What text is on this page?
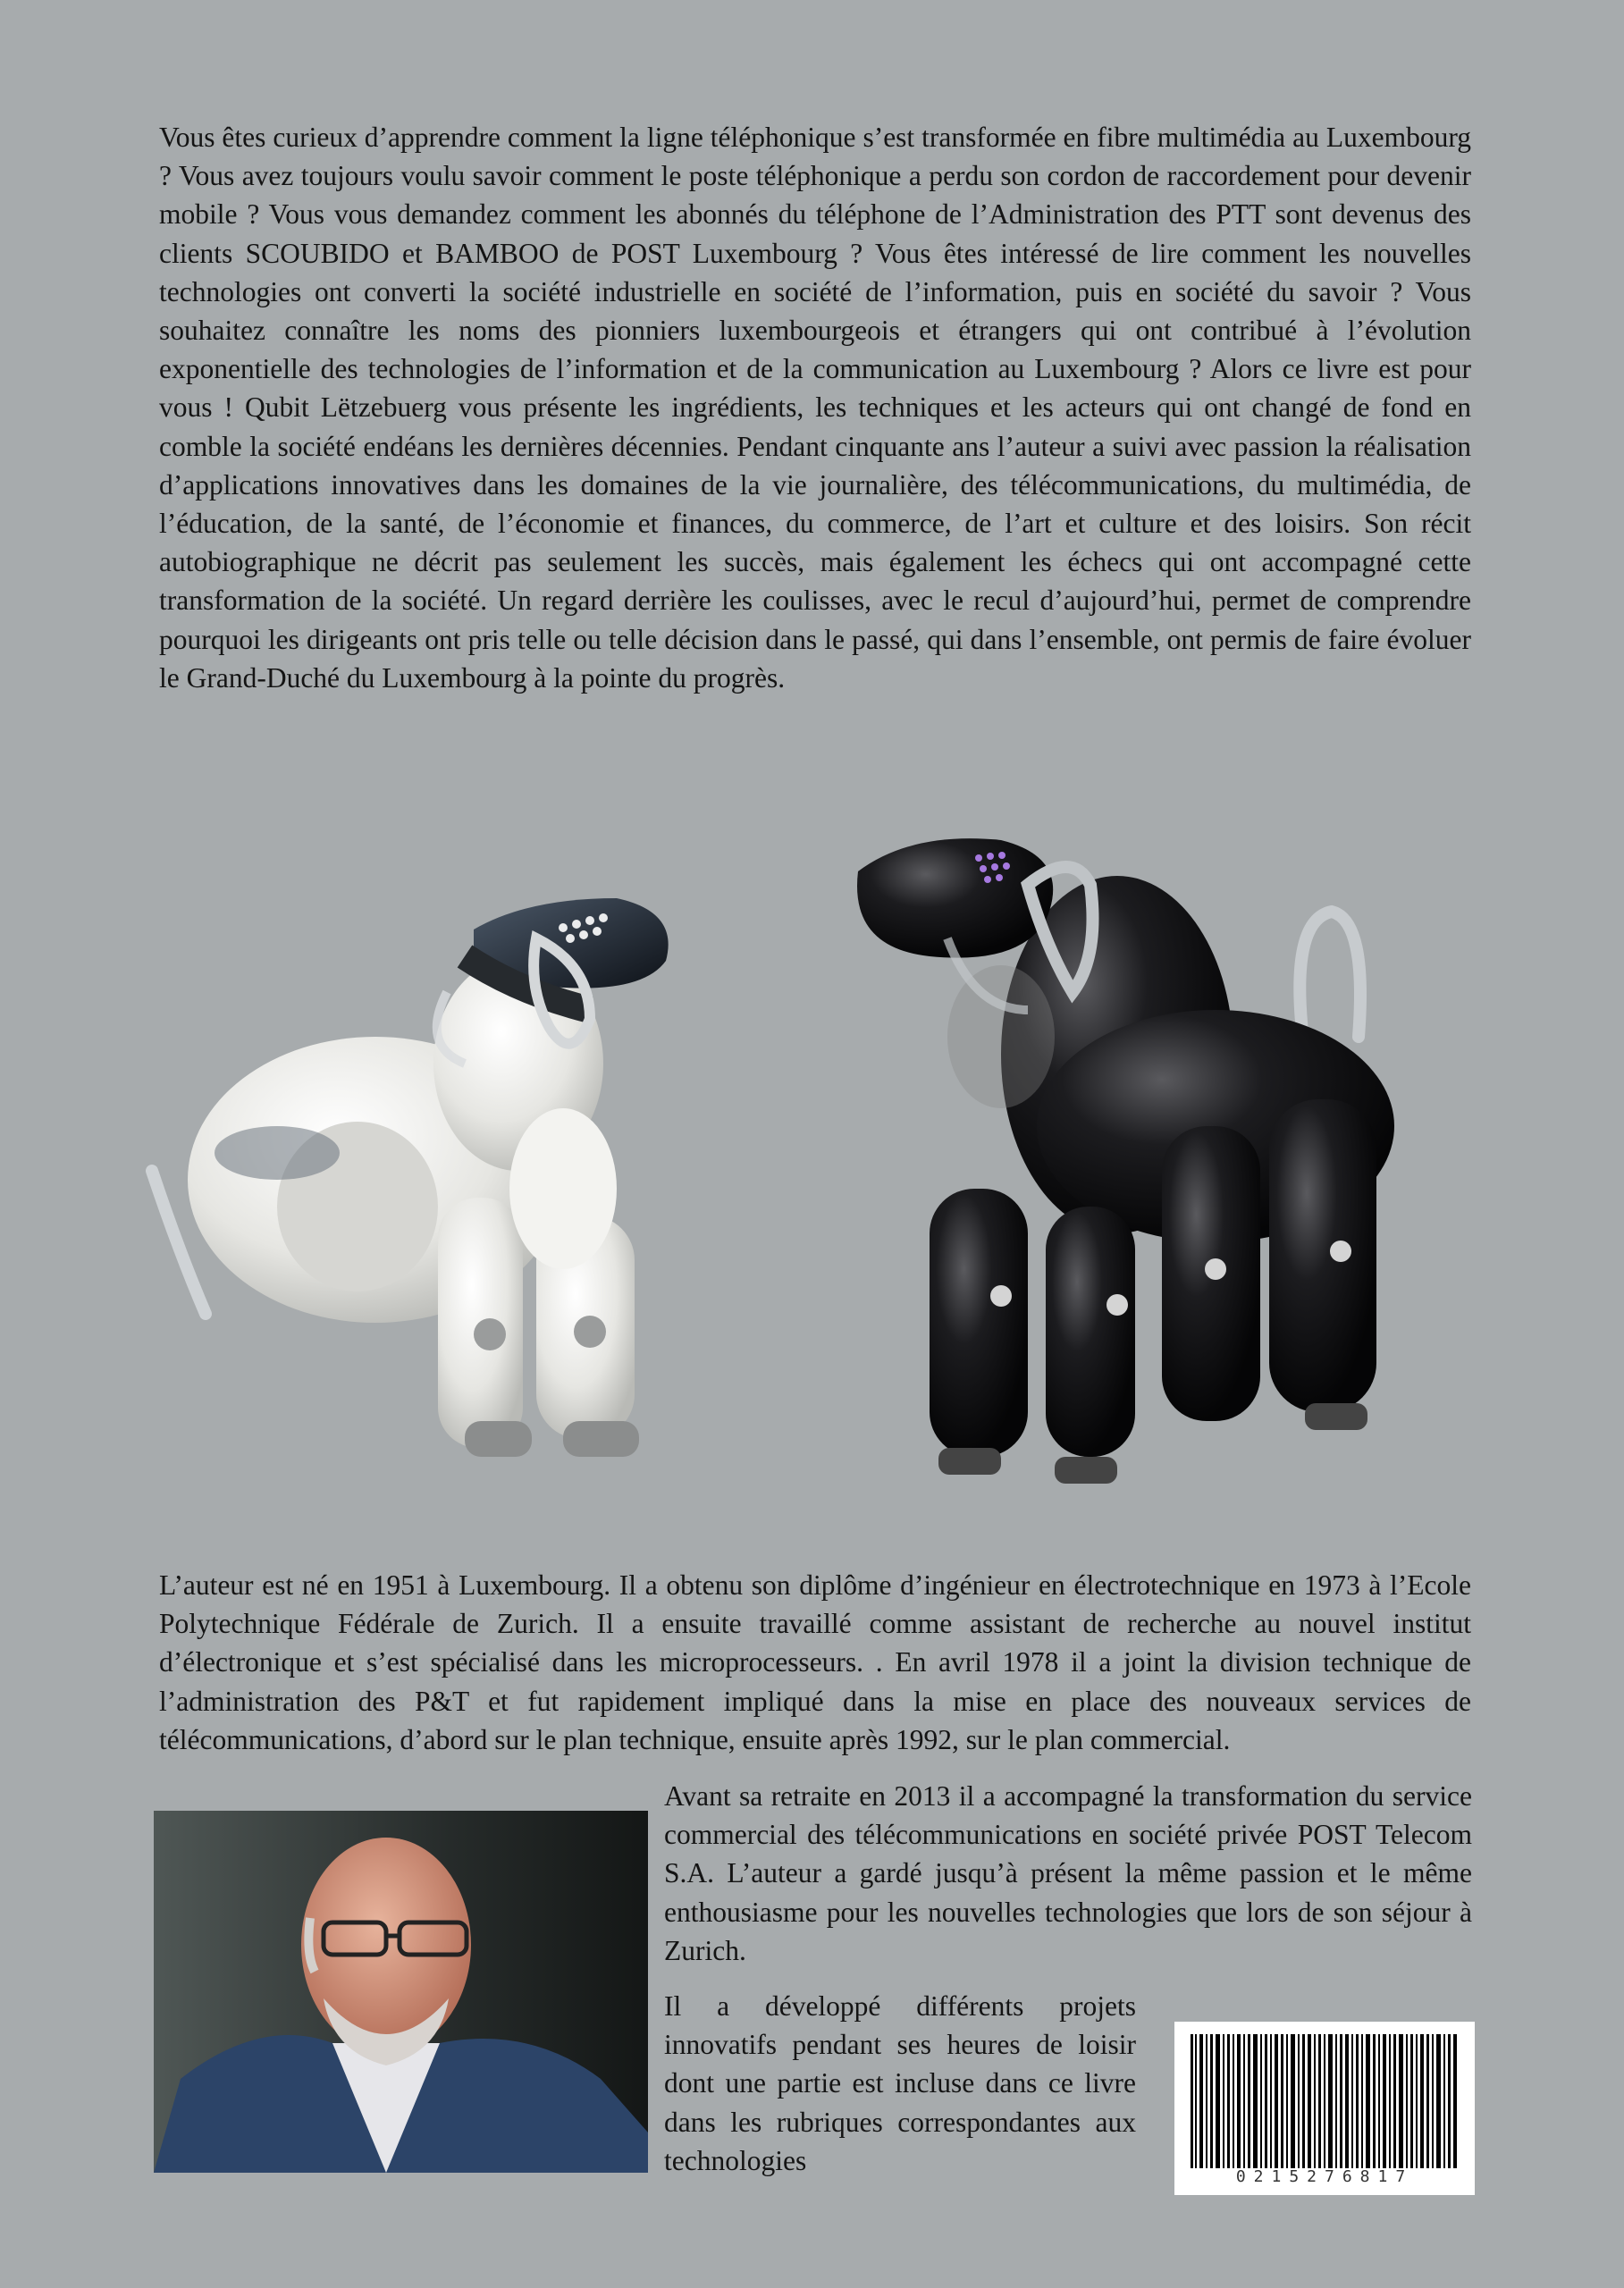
Vous êtes curieux d’apprendre comment la ligne téléphonique s’est transformée en fibre multimédia au Luxembourg ? Vous avez toujours voulu savoir comment le poste téléphonique a perdu son cordon de raccordement pour devenir mobile ? Vous vous demandez comment les abonnés du téléphone de l’Administration des PTT sont devenus des clients SCOUBIDO et BAMBOO de POST Luxembourg ? Vous êtes intéressé de lire comment les nouvelles technologies ont converti la société industrielle en société de l’information, puis en société du savoir ? Vous souhaitez connaître les noms des pionniers luxembourgeois et étrangers qui ont contribué à l’évolution exponentielle des technologies de l’information et de la communication au Luxembourg ? Alors ce livre est pour vous ! Qubit Lëtzebuerg vous présente les ingrédients, les techniques et les acteurs qui ont changé de fond en comble la société endéans les dernières décennies. Pendant cinquante ans l’auteur a suivi avec passion la réalisation d’applications innovatives dans les domaines de la vie journalière, des télécommunications, du multimédia, de l’éducation, de la santé, de l’économie et finances, du commerce, de l’art et culture et des loisirs. Son récit autobiographique ne décrit pas seulement les succès, mais également les échecs qui ont accompagné cette transformation de la société. Un regard derrière les coulisses, avec le recul d’aujourd’hui, permet de comprendre pourquoi les dirigeants ont pris telle ou telle décision dans le passé, qui dans l’ensemble, ont permis de faire évoluer le Grand-Duché du Luxembourg à la pointe du progrès.

L’auteur est né en 1951 à Luxembourg. Il a obtenu son diplôme d’ingénieur en électrotechnique en 1973 à l’Ecole Polytechnique Fédérale de Zurich. Il a ensuite travaillé comme assistant de recherche au nouvel institut d’électronique et s’est spécialisé dans les microprocesseurs. . En avril 1978 il a joint la division technique de l’administration des P&T et fut rapidement impliqué dans la mise en place des nouveaux services de télécommunications, d’abord sur le plan technique, ensuite après 1992, sur le plan commercial.

Avant sa retraite en 2013 il a accompagné la transformation du service commercial des télécommunications en société privée POST Telecom S.A. L’auteur a gardé jusqu’à présent la même passion et le même enthousiasme pour les nouvelles technologies que lors de son séjour à Zurich.

Il a développé différents projets innovatifs pendant ses heures de loisir dont une partie est incluse dans ce livre dans les rubriques correspondantes aux technologies

0215276817
